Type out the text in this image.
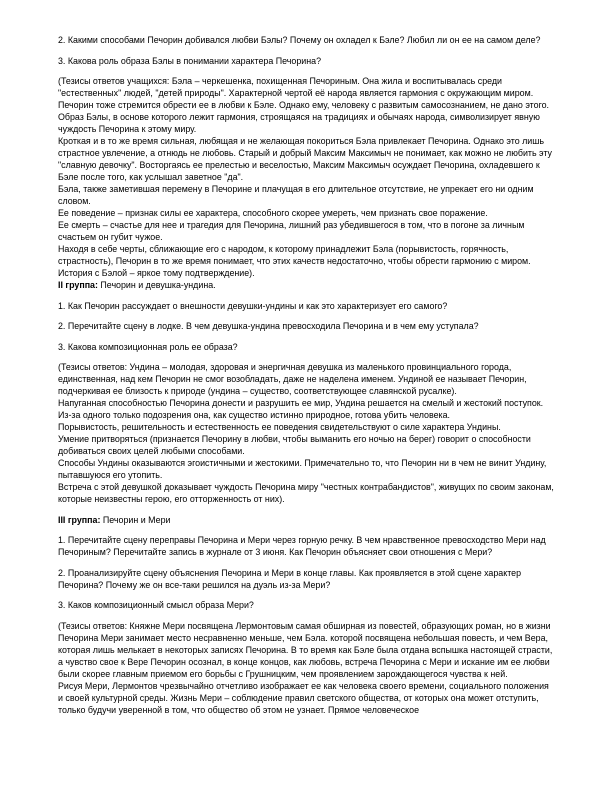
2. Какими способами Печорин добивался любви Бэлы? Почему он охладел к Бэле? Любил ли он ее на самом деле?

3. Какова роль образа Бэлы в понимании характера Печорина?

(Тезисы ответов учащихся: Бэла – черкешенка, похищенная Печориным. Она жила и воспитывалась среди "естественных" людей, "детей природы". Характерной чертой её народа является гармония с окружающим миром. Печорин тоже стремится обрести ее в любви к Бэле. Однако ему, человеку с развитым самосознанием, не дано этого. Образ Бэлы, в основе которого лежит гармония, строящаяся на традициях и обычаях народа, символизирует явную чуждость Печорина к этому миру.

Кроткая и в то же время сильная, любящая и не желающая покориться Бэла привлекает Печорина. Однако это лишь страстное увлечение, а отнюдь не любовь. Старый и добрый Максим Максимыч не понимает, как можно не любить эту "славную девочку". Восторгаясь ее прелестью и веселостью, Максим Максимыч осуждает Печорина, охладевшего к Бэле после того, как услышал заветное "да".

Бэла, также заметившая перемену в Печорине и плачущая в его длительное отсутствие, не упрекает его ни одним словом.

Ее поведение – признак силы ее характера, способного скорее умереть, чем признать свое поражение.

Ее смерть – счастье для нее и трагедия для Печорина, лишний раз убедившегося в том, что в погоне за личным счастьем он губит чужое.

Находя в себе черты, сближающие его с народом, к которому принадлежит Бэла (порывистость, горячность, страстность), Печорин в то же время понимает, что этих качеств недостаточно, чтобы обрести гармонию с миром. История с Бэлой – яркое тому подтверждение).

II группа: Печорин и девушка-ундина.

1. Как Печорин рассуждает о внешности девушки-ундины и как это характеризует его самого?

2. Перечитайте сцену в лодке. В чем девушка-ундина превосходила Печорина и в чем ему уступала?

3. Какова композиционная роль ее образа?

(Тезисы ответов: Ундина – молодая, здоровая и энергичная девушка из маленького провинциального города, единственная, над кем Печорин не смог возобладать, даже не наделена именем. Ундиной ее называет Печорин, подчеркивая ее близость к природе (ундина – существо, соответствующее славянской русалке).

Напуганная способностью Печорина донести и разрушить ее мир, Ундина решается на смелый и жестокий поступок. Из-за одного только подозрения она, как существо истинно природное, готова убить человека.

Порывистость, решительность и естественность ее поведения свидетельствуют о силе характера Ундины.

Умение притворяться (признается Печорину в любви, чтобы выманить его ночью на берег) говорит о способности добиваться своих целей любыми способами.

Способы Ундины оказываются эгоистичными и жестокими. Примечательно то, что Печорин ни в чем не винит Ундину, пытавшуюся его утопить.

Встреча с этой девушкой доказывает чуждость Печорина миру "честных контрабандистов", живущих по своим законам, которые неизвестны герою, его отторженность от них).

III группа: Печорин и Мери

1. Перечитайте сцену переправы Печорина и Мери через горную речку. В чем нравственное превосходство Мери над Печориным? Перечитайте запись в журнале от 3 июня. Как Печорин объясняет свои отношения с Мери?

2. Проанализируйте сцену объяснения Печорина и Мери в конце главы. Как проявляется в этой сцене характер Печорина? Почему же он все-таки решился на дуэль из-за Мери?

3. Каков композиционный смысл образа Мери?

(Тезисы ответов: Княжне Мери посвящена Лермонтовым самая обширная из повестей, образующих роман, но в жизни Печорина Мери занимает место несравненно меньше, чем Бэла. которой посвящена небольшая повесть, и чем Вера, которая лишь мелькает в некоторых записях Печорина. В то время как Бэле была отдана вспышка настоящей страсти, а чувство свое к Вере Печорин осознал, в конце концов, как любовь, встреча Печорина с Мери и искание им ее любви были скорее главным приемом его борьбы с Грушницким, чем проявлением зарождающегося чувства к ней.

Рисуя Мери, Лермонтов чрезвычайно отчетливо изображает ее как человека своего времени, социального положения и своей культурной среды. Жизнь Мери – соблюдение правил светского общества, от которых она может отступить, только будучи уверенной в том, что общество об этом не узнает. Прямое человеческое
